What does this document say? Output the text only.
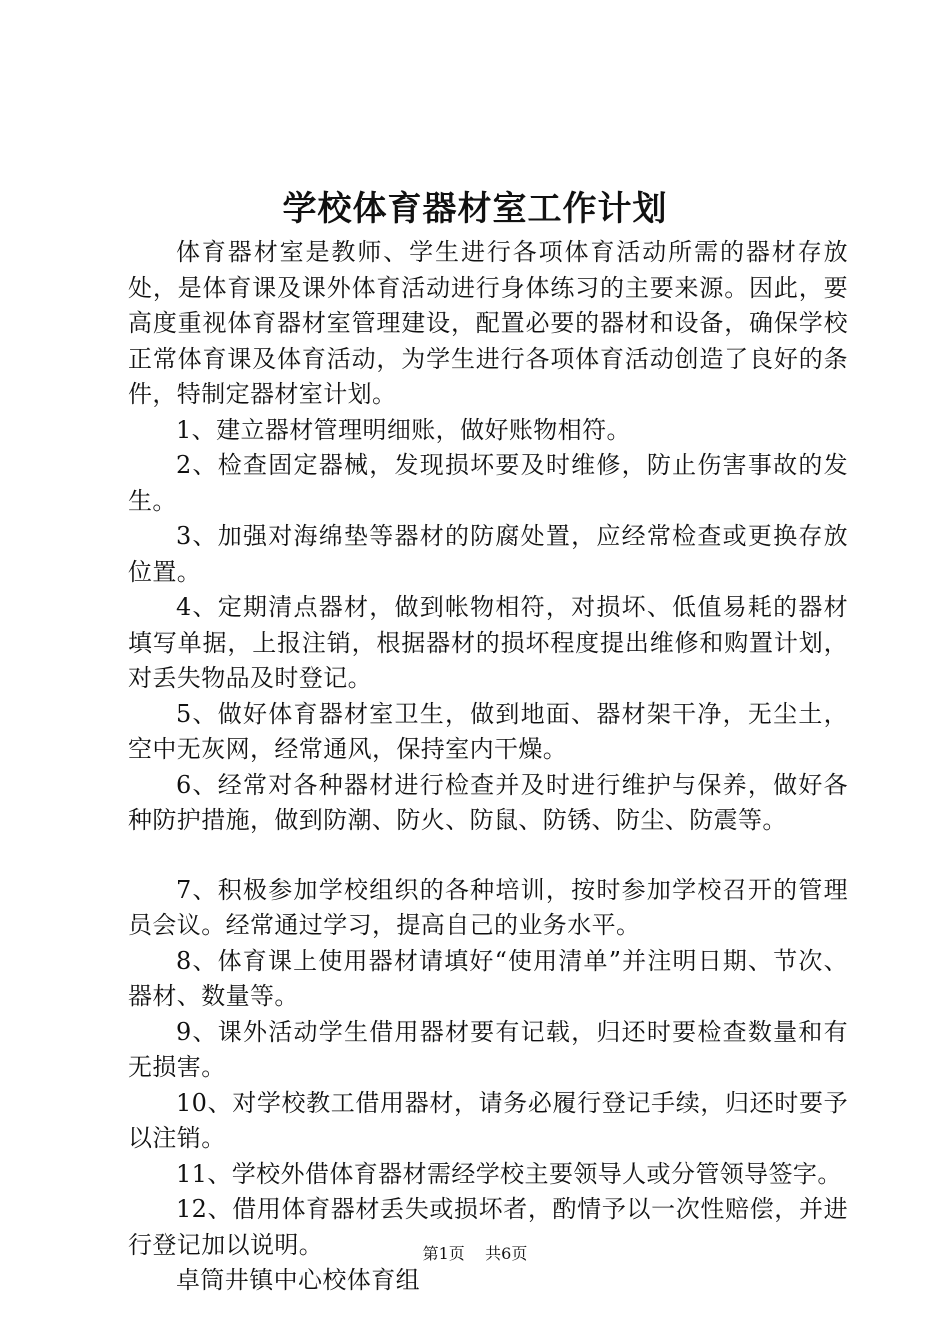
学校体育器材室工作计划

体育器材室是教师、学生进行各项体育活动所需的器材存放处，是体育课及课外体育活动进行身体练习的主要来源。因此，要高度重视体育器材室管理建设，配置必要的器材和设备，确保学校正常体育课及体育活动，为学生进行各项体育活动创造了良好的条件，特制定器材室计划。

1、建立器材管理明细账，做好账物相符。

2、检查固定器械，发现损坏要及时维修，防止伤害事故的发生。

3、加强对海绵垫等器材的防腐处置，应经常检查或更换存放位置。

4、定期清点器材，做到帐物相符，对损坏、低值易耗的器材填写单据，上报注销，根据器材的损坏程度提出维修和购置计划，对丢失物品及时登记。

5、做好体育器材室卫生，做到地面、器材架干净，无尘土，空中无灰网，经常通风，保持室内干燥。

6、经常对各种器材进行检查并及时进行维护与保养，做好各种防护措施，做到防潮、防火、防鼠、防锈、防尘、防震等。

7、积极参加学校组织的各种培训，按时参加学校召开的管理员会议。经常通过学习，提高自己的业务水平。

8、体育课上使用器材请填好“使用清单”并注明日期、节次、器材、数量等。

9、课外活动学生借用器材要有记载，归还时要检查数量和有无损害。

10、对学校教工借用器材，请务必履行登记手续，归还时要予以注销。

11、学校外借体育器材需经学校主要领导人或分管领导签字。

12、借用体育器材丢失或损坏者，酌情予以一次性赔偿，并进行登记加以说明。

卓筒井镇中心校体育组

第1页 共6页
